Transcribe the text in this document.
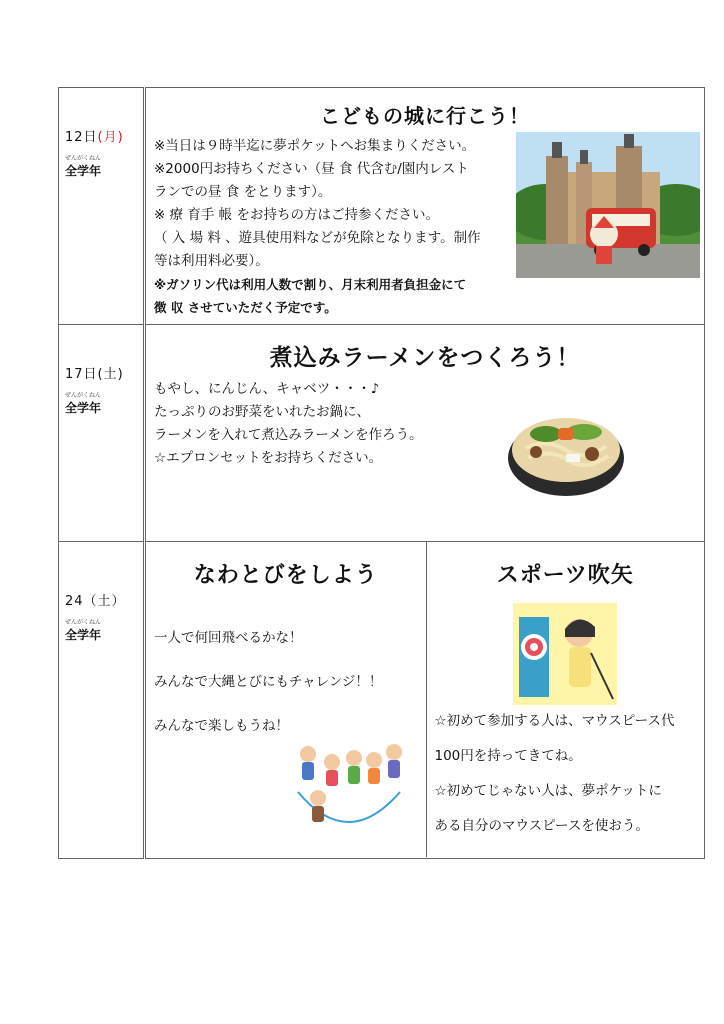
12日(月)
ぜんがくねん
全学年

こどもの城に行こう！
※当日は９時半迄に夢ポケットへお集まりください。
※2000円お持ちください（昼 食 代含む/園内レスト
ランでの昼 食 をとります）。
※ 療 育手 帳 をお持ちの方はご持参ください。
（ 入 場 料 、遊具使用料などが免除となります。制作
等は利用料必要）。
※ガソリン代は利用人数で割り、月末利用者負担金にて
徴 収 させていただく予定です。

17日(土)
ぜんがくねん
全学年

煮込みラーメンをつくろう！
もやし、にんじん、キャベツ・・・♪
たっぷりのお野菜をいれたお鍋に、
ラーメンを入れて煮込みラーメンを作ろう。
☆エプロンセットをお持ちください。

24（土）
ぜんがくねん
全学年

なわとびをしよう

一人で何回飛べるかな！

みんなで大縄とびにもチャレンジ！！

みんなで楽しもうね！

スポーツ吹矢

☆初めて参加する人は、マウスピース代

100円を持ってきてね。

☆初めてじゃない人は、夢ポケットに

ある自分のマウスピースを使おう。
